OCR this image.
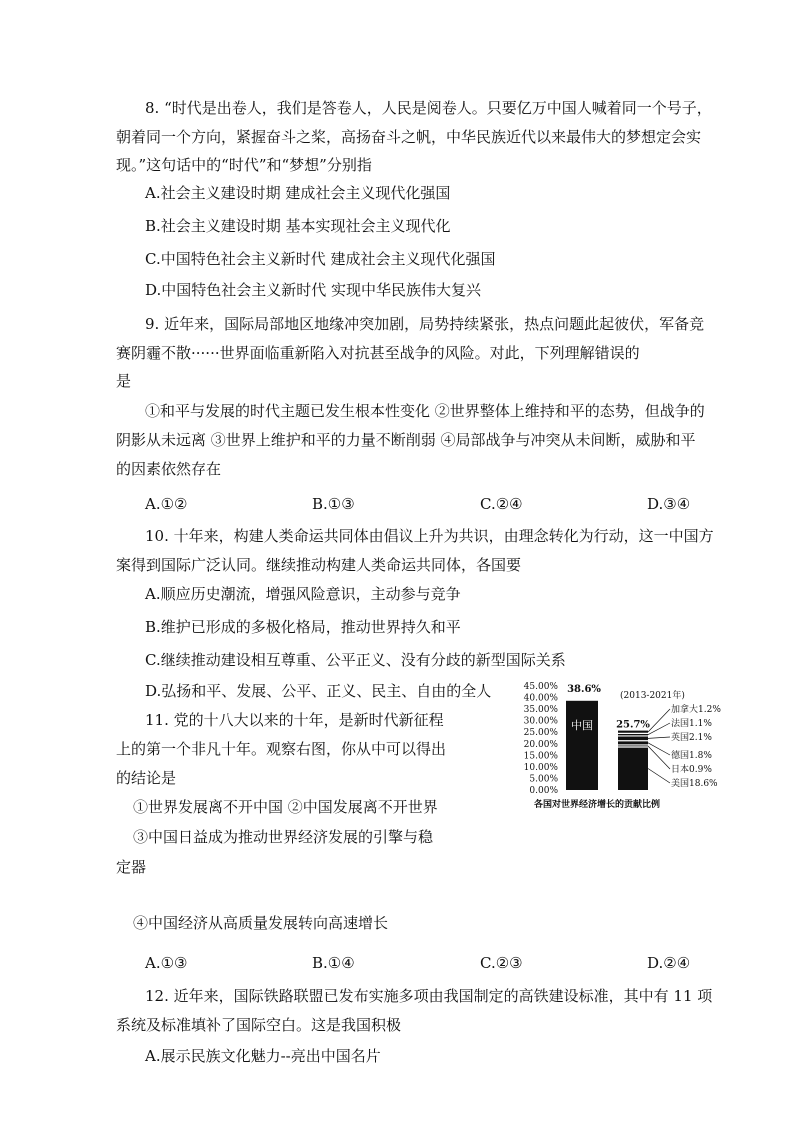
8. “时代是出卷人，我们是答卷人，人民是阅卷人。只要亿万中国人喊着同一个号子，

朝着同一个方向，紧握奋斗之桨，高扬奋斗之帆，中华民族近代以来最伟大的梦想定会实

现。”这句话中的“时代”和“梦想”分别指

A.社会主义建设时期 建成社会主义现代化强国

B.社会主义建设时期 基本实现社会主义现代化

C.中国特色社会主义新时代 建成社会主义现代化强国

D.中国特色社会主义新时代 实现中华民族伟大复兴

9. 近年来，国际局部地区地缘冲突加剧，局势持续紧张，热点问题此起彼伏，军备竞

赛阴霾不散······世界面临重新陷入对抗甚至战争的风险。对此，下列理解错误的

是

①和平与发展的时代主题已发生根本性变化 ②世界整体上维持和平的态势，但战争的

阴影从未远离 ③世界上维护和平的力量不断削弱 ④局部战争与冲突从未间断，威胁和平

的因素依然存在

A.①②	B.①③	C.②④	D.③④

10. 十年来，构建人类命运共同体由倡议上升为共识，由理念转化为行动，这一中国方

案得到国际广泛认同。继续推动构建人类命运共同体，各国要

A.顺应历史潮流，增强风险意识，主动参与竞争

B.维护已形成的多极化格局，推动世界持久和平

C.继续推动建设相互尊重、公平正义、没有分歧的新型国际关系

D.弘扬和平、发展、公平、正义、民主、自由的全人

11. 党的十八大以来的十年，是新时代新征程

上的第一个非凡十年。观察右图，你从中可以得出

的结论是

①世界发展离不开中国 ②中国发展离不开世界

③中国日益成为推动世界经济发展的引擎与稳

定器

④中国经济从高质量发展转向高速增长

A.①③	B.①④	C.②③	D.②④
45.00%
40.00%
35.00%
30.00%
25.00%
20.00%
15.00%
10.00%
5.00%
0.00%
38.6%
中国 25.7%
(2013-2021年)
加拿大1.2%
法国1.1%
英国2.1%
德国1.8%
日本0.9%
美国18.6%
各国对世界经济增长的贡献比例

12. 近年来，国际铁路联盟已发布实施多项由我国制定的高铁建设标准，其中有 11 项

系统及标准填补了国际空白。这是我国积极

A.展示民族文化魅力--亮出中国名片
